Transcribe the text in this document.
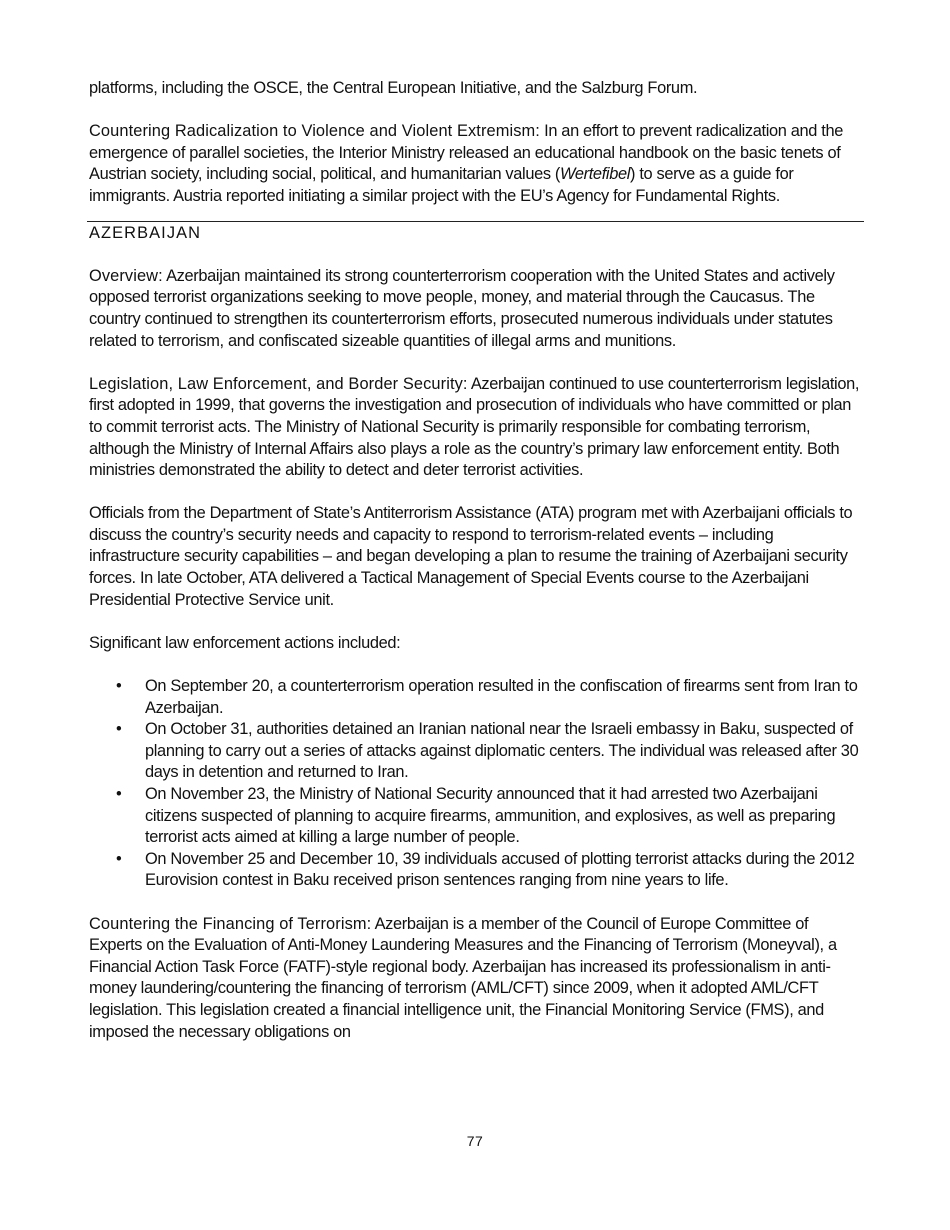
platforms, including the OSCE, the Central European Initiative, and the Salzburg Forum.

Countering Radicalization to Violence and Violent Extremism: In an effort to prevent radicalization and the emergence of parallel societies, the Interior Ministry released an educational handbook on the basic tenets of Austrian society, including social, political, and humanitarian values (Wertefibel) to serve as a guide for immigrants. Austria reported initiating a similar project with the EU’s Agency for Fundamental Rights.

AZERBAIJAN

Overview: Azerbaijan maintained its strong counterterrorism cooperation with the United States and actively opposed terrorist organizations seeking to move people, money, and material through the Caucasus. The country continued to strengthen its counterterrorism efforts, prosecuted numerous individuals under statutes related to terrorism, and confiscated sizeable quantities of illegal arms and munitions.

Legislation, Law Enforcement, and Border Security: Azerbaijan continued to use counterterrorism legislation, first adopted in 1999, that governs the investigation and prosecution of individuals who have committed or plan to commit terrorist acts. The Ministry of National Security is primarily responsible for combating terrorism, although the Ministry of Internal Affairs also plays a role as the country’s primary law enforcement entity. Both ministries demonstrated the ability to detect and deter terrorist activities.

Officials from the Department of State’s Antiterrorism Assistance (ATA) program met with Azerbaijani officials to discuss the country’s security needs and capacity to respond to terrorism-related events – including infrastructure security capabilities – and began developing a plan to resume the training of Azerbaijani security forces. In late October, ATA delivered a Tactical Management of Special Events course to the Azerbaijani Presidential Protective Service unit.

Significant law enforcement actions included:

• On September 20, a counterterrorism operation resulted in the confiscation of firearms sent from Iran to Azerbaijan.
• On October 31, authorities detained an Iranian national near the Israeli embassy in Baku, suspected of planning to carry out a series of attacks against diplomatic centers. The individual was released after 30 days in detention and returned to Iran.
• On November 23, the Ministry of National Security announced that it had arrested two Azerbaijani citizens suspected of planning to acquire firearms, ammunition, and explosives, as well as preparing terrorist acts aimed at killing a large number of people.
• On November 25 and December 10, 39 individuals accused of plotting terrorist attacks during the 2012 Eurovision contest in Baku received prison sentences ranging from nine years to life.

Countering the Financing of Terrorism: Azerbaijan is a member of the Council of Europe Committee of Experts on the Evaluation of Anti-Money Laundering Measures and the Financing of Terrorism (Moneyval), a Financial Action Task Force (FATF)-style regional body. Azerbaijan has increased its professionalism in anti-money laundering/countering the financing of terrorism (AML/CFT) since 2009, when it adopted AML/CFT legislation. This legislation created a financial intelligence unit, the Financial Monitoring Service (FMS), and imposed the necessary obligations on

77
